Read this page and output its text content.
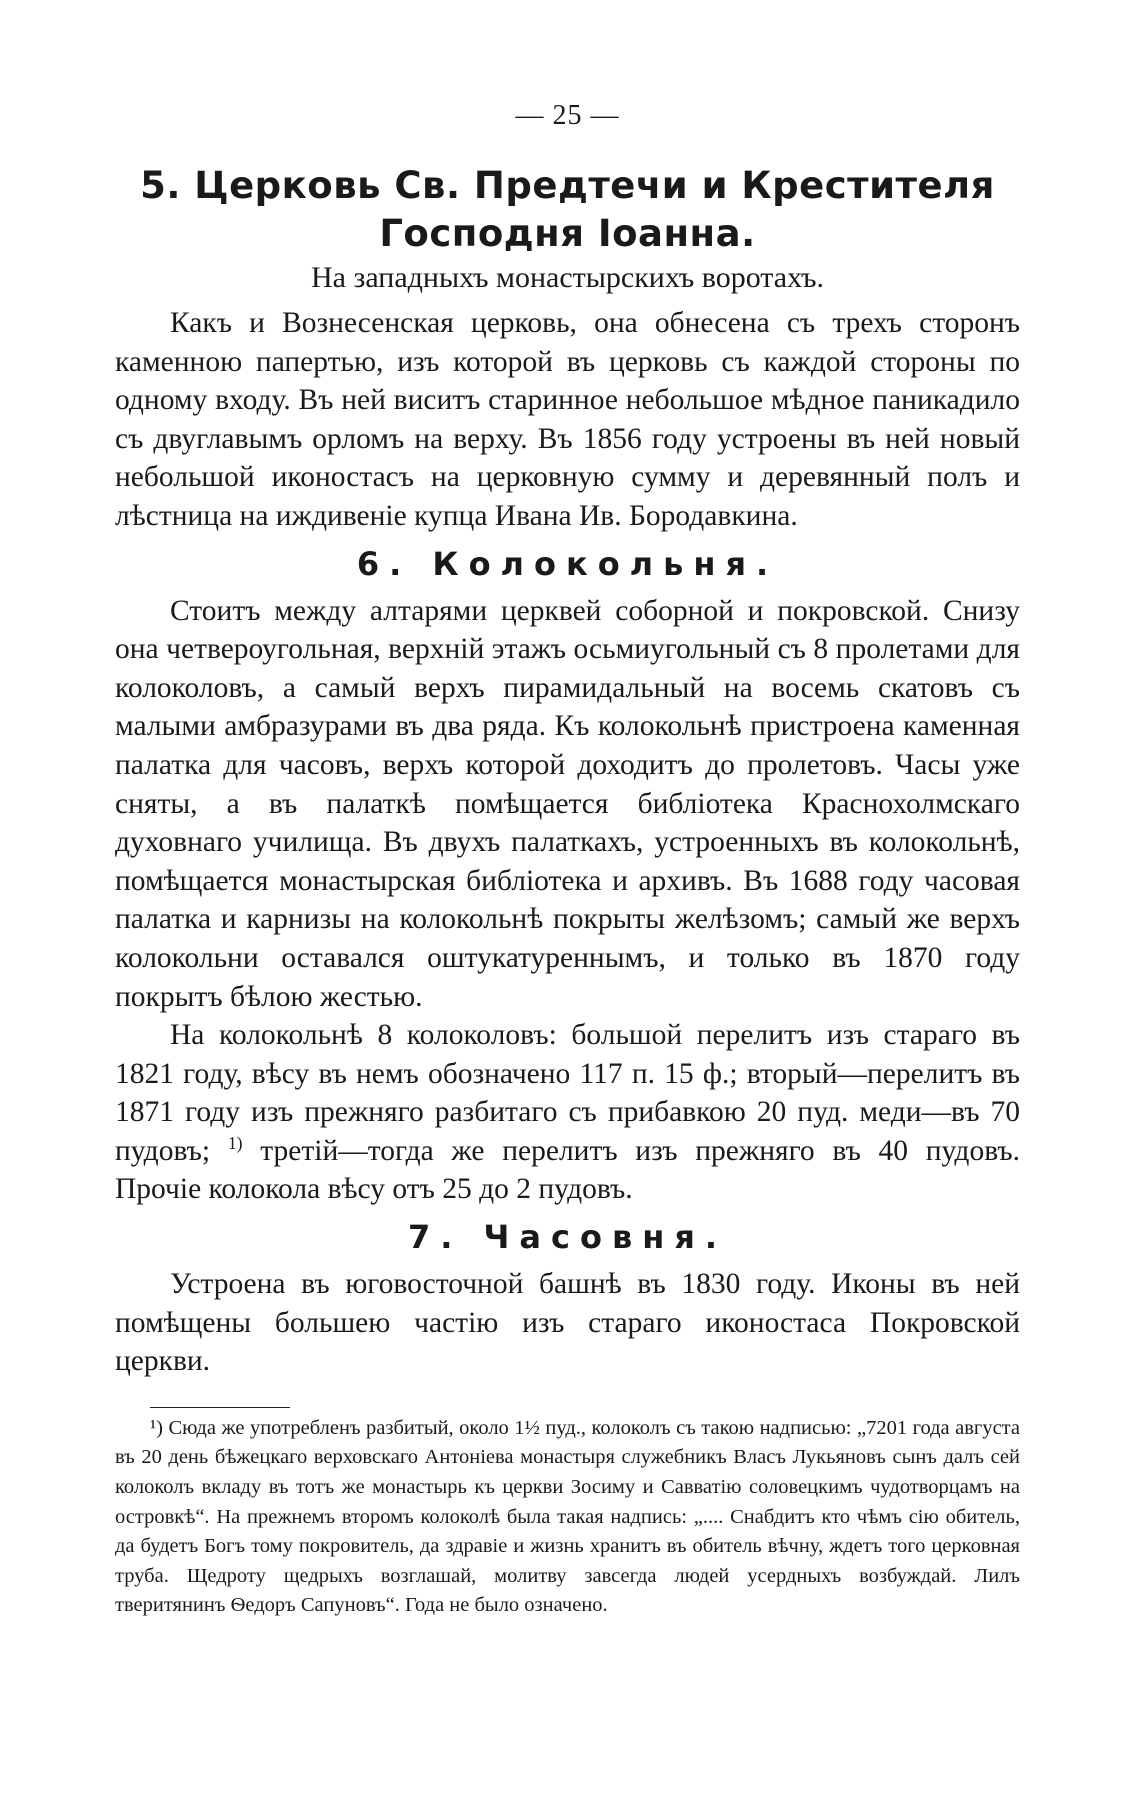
— 25 —
5. Церковь Св. Предтечи и Крестителя Господня Іоанна.
На западныхъ монастырскихъ воротахъ.

Какъ и Вознесенская церковь, она обнесена съ трехъ сторонъ каменною папертью, изъ которой въ церковь съ каждой стороны по одному входу. Въ ней виситъ старинное небольшое мѣдное паникадило съ двуглавымъ орломъ на верху. Въ 1856 году устроены въ ней новый небольшой иконостасъ на церковную сумму и деревянный полъ и лѣстница на иждивеніе купца Ивана Ив. Бородавкина.

6. Колокольня.

Стоитъ между алтарями церквей соборной и покровской. Снизу она четвероугольная, верхній этажъ осьмиугольный съ 8 пролетами для колоколовъ, а самый верхъ пирамидальный на восемь скатовъ съ малыми амбразурами въ два ряда. Къ колокольнѣ пристроена каменная палатка для часовъ, верхъ которой доходитъ до пролетовъ. Часы уже сняты, а въ палаткѣ помѣщается библіотека Краснохолмскаго духовнаго училища. Въ двухъ палаткахъ, устроенныхъ въ колокольнѣ, помѣщается монастырская библіотека и архивъ. Въ 1688 году часовая палатка и карнизы на колокольнѣ покрыты желѣзомъ; самый же верхъ колокольни оставался оштукатуреннымъ, и только въ 1870 году покрытъ бѣлою жестью.

На колокольнѣ 8 колоколовъ: большой перелитъ изъ стараго въ 1821 году, вѣсу въ немъ обозначено 117 п. 15 ф.; вторый—перелитъ въ 1871 году изъ прежняго разбитаго съ прибавкою 20 пуд. меди—въ 70 пудовъ; $^{1)}$ третій—тогда же перелитъ изъ прежняго въ 40 пудовъ. Прочіе колокола вѣсу отъ 25 до 2 пудовъ.

7. Часовня.

Устроена въ юговосточной башнѣ въ 1830 году. Иконы въ ней помѣщены большею частію изъ стараго иконостаса Покровской церкви.

¹) Сюда же употребленъ разбитый, около 1½ пуд., колоколъ съ такою надписью: „7201 года августа въ 20 день бѣжецкаго верховскаго Антоніева монастыря служебникъ Власъ Лукьяновъ сынъ далъ сей колоколъ вкладу въ тотъ же монастырь къ церкви Зосиму и Савватію соловецкимъ чудотворцамъ на островкѣ“. На прежнемъ второмъ колоколѣ была такая надпись: „.... Снабдитъ кто чѣмъ сію обитель, да будетъ Богъ тому покровитель, да здравіе и жизнь хранитъ въ обитель вѣчну, ждетъ того церковная труба. Щедроту щедрыхъ возглашай, молитву завсегда людей усердныхъ возбуждай. Лилъ тверитянинъ Ѳедоръ Сапуновъ“. Года не было означено.
